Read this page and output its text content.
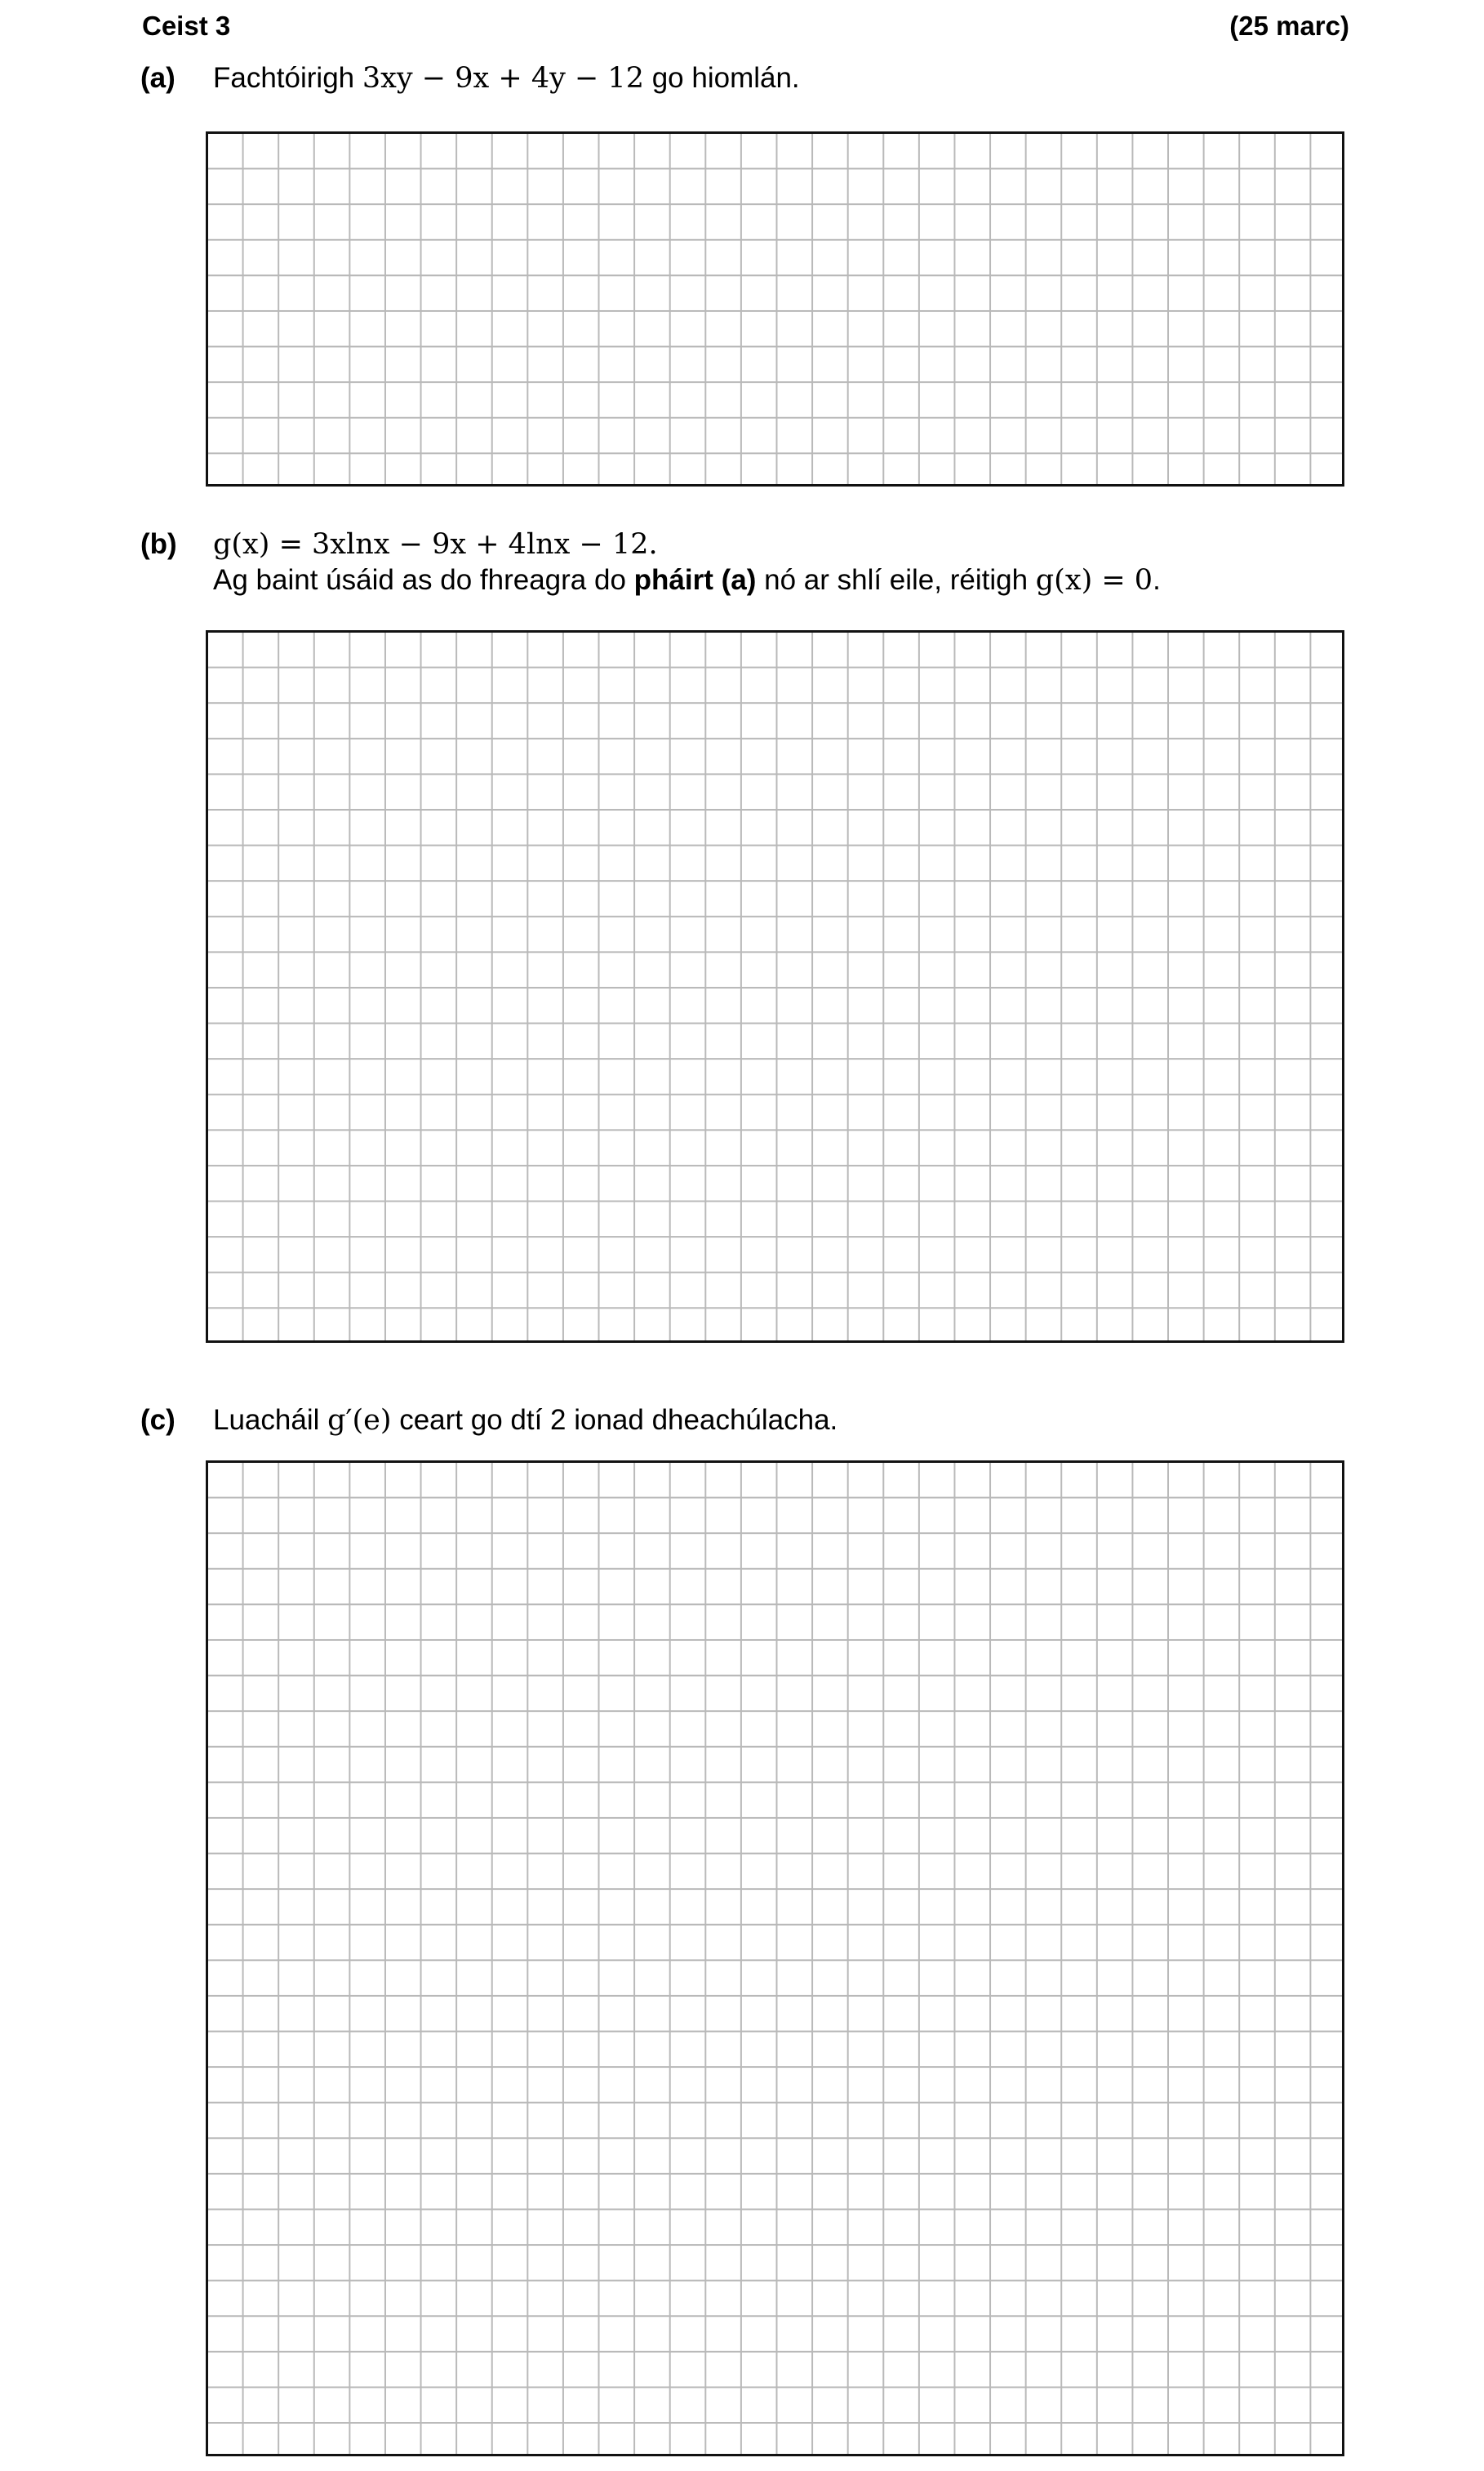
Ceist 3	(25 marc)
(a) Fachtóirigh 3xy − 9x + 4y − 12 go hiomlán.
(b) g(x) = 3xlnx − 9x + 4lnx − 12.
Ag baint úsáid as do fhreagra do pháirt (a) nó ar shlí eile, réitigh g(x) = 0.
(c) Luacháil g′(e) ceart go dtí 2 ionad dheachúlacha.
